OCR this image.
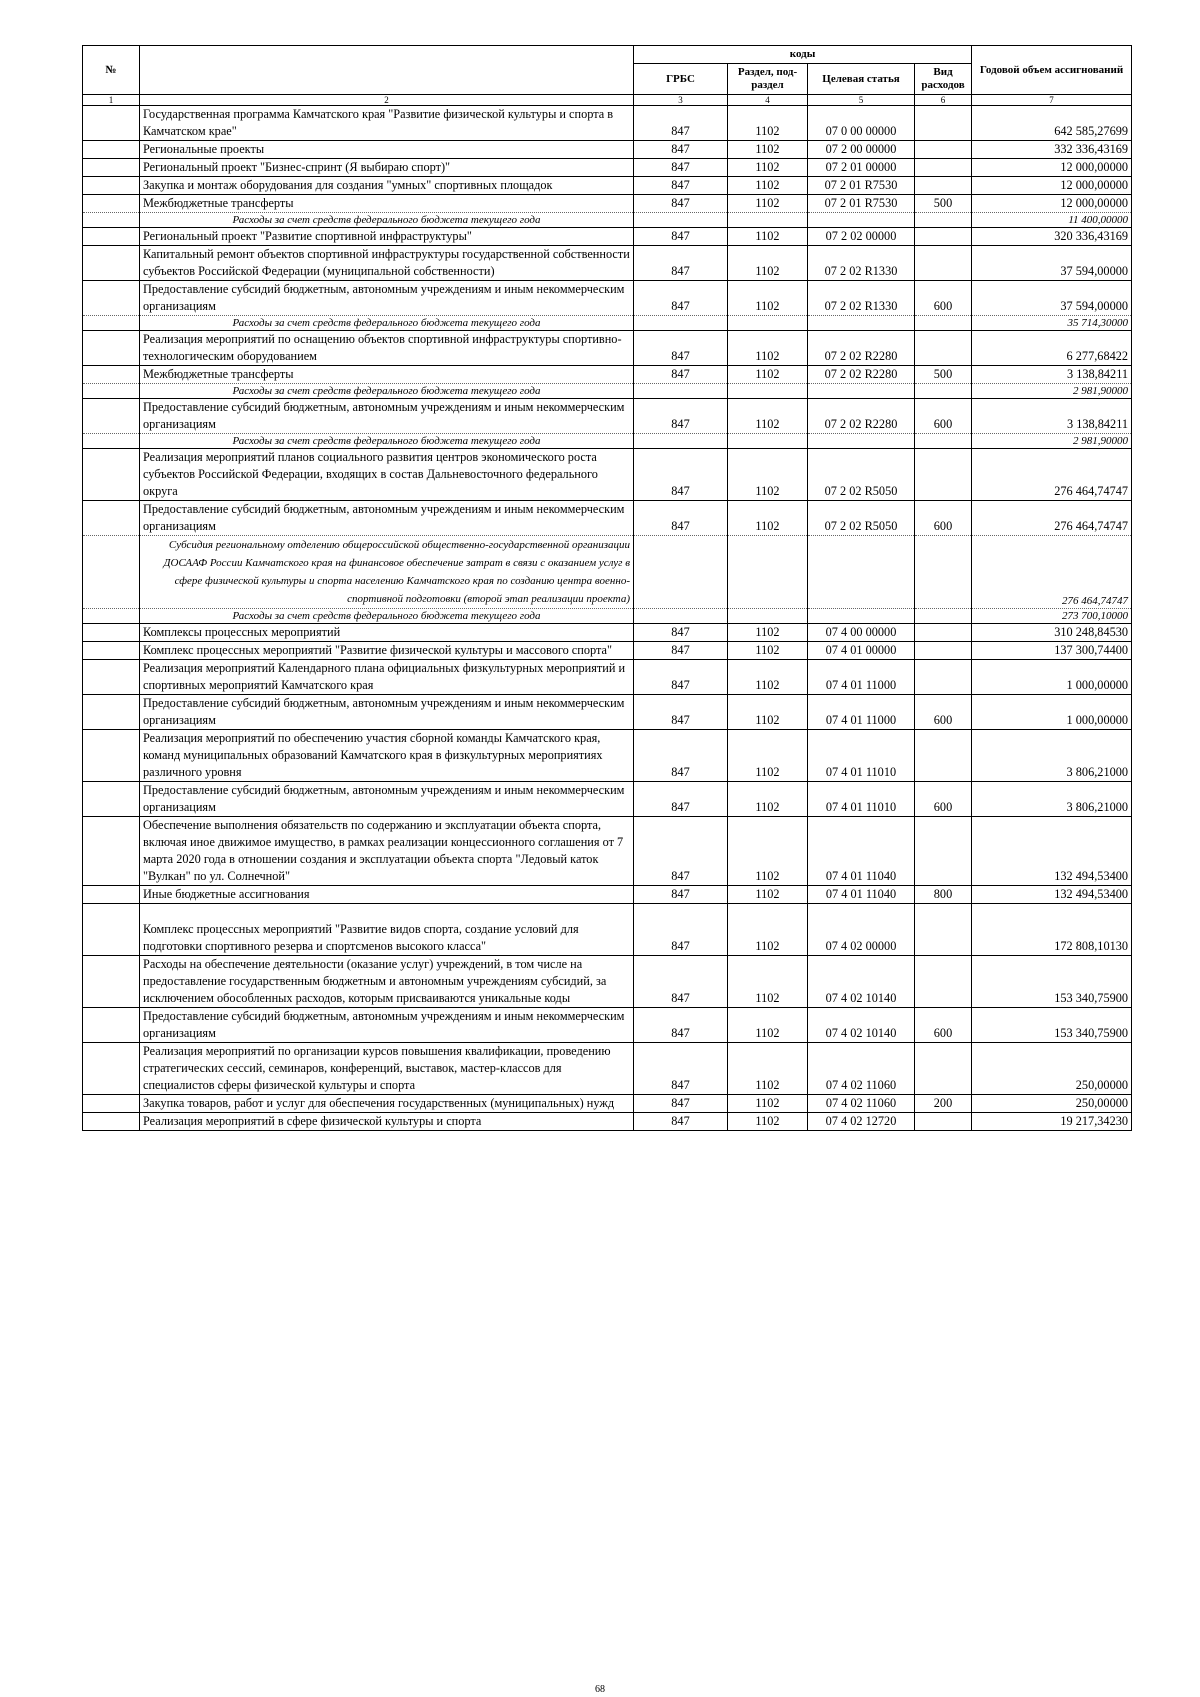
№		коды				Годовой объем ассигнований
		ГРБС	Раздел, под-раздел	Целевая статья	Вид расходов	
1	2	3	4	5	6	7
	Государственная программа Камчатского края "Развитие физической культуры и спорта в Камчатском крае"	847	1102	07 0 00 00000		642 585,27699
	Региональные проекты	847	1102	07 2 00 00000		332 336,43169
	Региональный проект "Бизнес-спринт (Я выбираю спорт)"	847	1102	07 2 01 00000		12 000,00000
	Закупка и монтаж оборудования для создания "умных" спортивных площадок	847	1102	07 2 01 R7530		12 000,00000
	Межбюджетные трансферты	847	1102	07 2 01 R7530	500	12 000,00000
	Расходы за счет средств федерального бюджета текущего года					11 400,00000
	Региональный проект "Развитие спортивной инфраструктуры"	847	1102	07 2 02 00000		320 336,43169
	Капитальный ремонт объектов спортивной инфраструктуры государственной собственности субъектов Российской Федерации (муниципальной собственности)	847	1102	07 2 02 R1330		37 594,00000
	Предоставление субсидий бюджетным, автономным учреждениям и иным некоммерческим организациям	847	1102	07 2 02 R1330	600	37 594,00000
	Расходы за счет средств федерального бюджета текущего года					35 714,30000
	Реализация мероприятий по оснащению объектов спортивной инфраструктуры спортивно-технологическим оборудованием	847	1102	07 2 02 R2280		6 277,68422
	Межбюджетные трансферты	847	1102	07 2 02 R2280	500	3 138,84211
	Расходы за счет средств федерального бюджета текущего года					2 981,90000
	Предоставление субсидий бюджетным, автономным учреждениям и иным некоммерческим организациям	847	1102	07 2 02 R2280	600	3 138,84211
	Расходы за счет средств федерального бюджета текущего года					2 981,90000
	Реализация мероприятий планов социального развития центров экономического роста субъектов Российской Федерации, входящих в состав Дальневосточного федерального округа	847	1102	07 2 02 R5050		276 464,74747
	Предоставление субсидий бюджетным, автономным учреждениям и иным некоммерческим организациям	847	1102	07 2 02 R5050	600	276 464,74747
	Субсидия региональному отделению общероссийской общественно-государственной организации ДОСААФ России Камчатского края на финансовое обеспечение затрат в связи с оказанием услуг в сфере физической культуры и спорта населению Камчатского края по созданию центра военно-спортивной подготовки (второй этап реализации проекта)					276 464,74747
	Расходы за счет средств федерального бюджета текущего года					273 700,10000
	Комплексы процессных мероприятий	847	1102	07 4 00 00000		310 248,84530
	Комплекс процессных мероприятий "Развитие физической культуры и массового спорта"	847	1102	07 4 01 00000		137 300,74400
	Реализация мероприятий Календарного плана официальных физкультурных мероприятий и спортивных мероприятий Камчатского края	847	1102	07 4 01 11000		1 000,00000
	Предоставление субсидий бюджетным, автономным учреждениям и иным некоммерческим организациям	847	1102	07 4 01 11000	600	1 000,00000
	Реализация мероприятий по обеспечению участия сборной команды Камчатского края, команд муниципальных образований Камчатского края в физкультурных мероприятиях различного уровня	847	1102	07 4 01 11010		3 806,21000
	Предоставление субсидий бюджетным, автономным учреждениям и иным некоммерческим организациям	847	1102	07 4 01 11010	600	3 806,21000
	Обеспечение выполнения обязательств по содержанию и эксплуатации объекта спорта, включая иное движимое имущество, в рамках реализации концессионного соглашения от 7 марта 2020 года в отношении создания и эксплуатации объекта спорта "Ледовый каток "Вулкан" по ул. Солнечной"	847	1102	07 4 01 11040		132 494,53400
	Иные бюджетные ассигнования	847	1102	07 4 01 11040	800	132 494,53400
	Комплекс процессных мероприятий "Развитие видов спорта, создание условий для подготовки спортивного резерва и спортсменов высокого класса"	847	1102	07 4 02 00000		172 808,10130
	Расходы на обеспечение деятельности (оказание услуг) учреждений, в том числе на предоставление государственным бюджетным и автономным учреждениям субсидий, за исключением обособленных расходов, которым присваиваются уникальные коды	847	1102	07 4 02 10140		153 340,75900
	Предоставление субсидий бюджетным, автономным учреждениям и иным некоммерческим организациям	847	1102	07 4 02 10140	600	153 340,75900
	Реализация мероприятий по организации курсов повышения квалификации, проведению стратегических сессий, семинаров, конференций, выставок, мастер-классов для специалистов сферы физической культуры и спорта	847	1102	07 4 02 11060		250,00000
	Закупка товаров, работ и услуг для обеспечения государственных (муниципальных) нужд	847	1102	07 4 02 11060	200	250,00000
	Реализация мероприятий в сфере физической культуры и спорта	847	1102	07 4 02 12720		19 217,34230
68
